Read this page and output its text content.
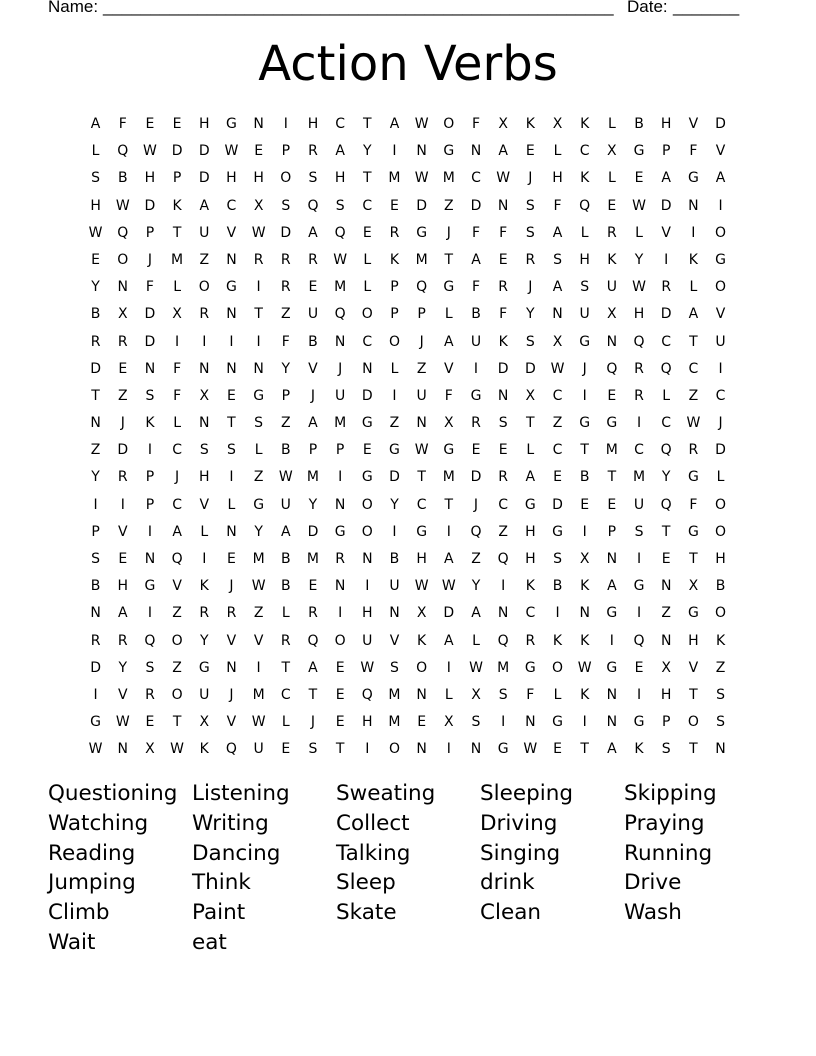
Name: ______________________________________________________ Date: _______
Action Verbs
A	F	E	E	H	G	N	I	H	C	T	A	W	O	F	X	K	X	K	L	B	H	V	D
L	Q	W	D	D	W	E	P	R	A	Y	I	N	G	N	A	E	L	C	X	G	P	F	V
S	B	H	P	D	H	H	O	S	H	T	M	W	M	C	W	J	H	K	L	E	A	G	A
H	W	D	K	A	C	X	S	Q	S	C	E	D	Z	D	N	S	F	Q	E	W	D	N	I
W	Q	P	T	U	V	W	D	A	Q	E	R	G	J	F	F	S	A	L	R	L	V	I	O
E	O	J	M	Z	N	R	R	R	W	L	K	M	T	A	E	R	S	H	K	Y	I	K	G
Y	N	F	L	O	G	I	R	E	M	L	P	Q	G	F	R	J	A	S	U	W	R	L	O
B	X	D	X	R	N	T	Z	U	Q	O	P	P	L	B	F	Y	N	U	X	H	D	A	V
R	R	D	I	I	I	I	F	B	N	C	O	J	A	U	K	S	X	G	N	Q	C	T	U
D	E	N	F	N	N	N	Y	V	J	N	L	Z	V	I	D	D	W	J	Q	R	Q	C	I
T	Z	S	F	X	E	G	P	J	U	D	I	U	F	G	N	X	C	I	E	R	L	Z	C
N	J	K	L	N	T	S	Z	A	M	G	Z	N	X	R	S	T	Z	G	G	I	C	W	J
Z	D	I	C	S	S	L	B	P	P	E	G	W	G	E	E	L	C	T	M	C	Q	R	D
Y	R	P	J	H	I	Z	W	M	I	G	D	T	M	D	R	A	E	B	T	M	Y	G	L
I	I	P	C	V	L	G	U	Y	N	O	Y	C	T	J	C	G	D	E	E	U	Q	F	O
P	V	I	A	L	N	Y	A	D	G	O	I	G	I	Q	Z	H	G	I	P	S	T	G	O
S	E	N	Q	I	E	M	B	M	R	N	B	H	A	Z	Q	H	S	X	N	I	E	T	H
B	H	G	V	K	J	W	B	E	N	I	U	W W	Y	I	K	B	K	A	G	N	X	B
N	A	I	Z	R	R	Z	L	R	I	H	N	X	D	A	N	C	I	N	G	I	Z	G	O
R	R	Q	O	Y	V	V	R	Q	O	U	V	K	A	L	Q	R	K	K	I	Q	N	H	K
D	Y	S	Z	G	N	I	T	A	E	W	S	O	I	W	M	G	O	W	G	E	X	V	Z
I	V	R	O	U	J	M	C	T	E	Q	M	N	L	X	S	F	L	K	N	I	H	T	S
G	W	E	T	X	V	W	L	J	E	H	M	E	X	S	I	N	G	I	N	G	P	O	S
W	N	X	W	K	Q	U	E	S	T	I	O	N	I	N	G	W	E	T	A	K	S	T	N
Questioning Listening	Sweating	Sleeping	Skipping
Watching	Writing	Collect	Driving	Praying
Reading	Dancing	Talking	Singing	Running
Jumping	Think	Sleep	drink	Drive
Climb	Paint	Skate	Clean	Wash
Wait	eat
